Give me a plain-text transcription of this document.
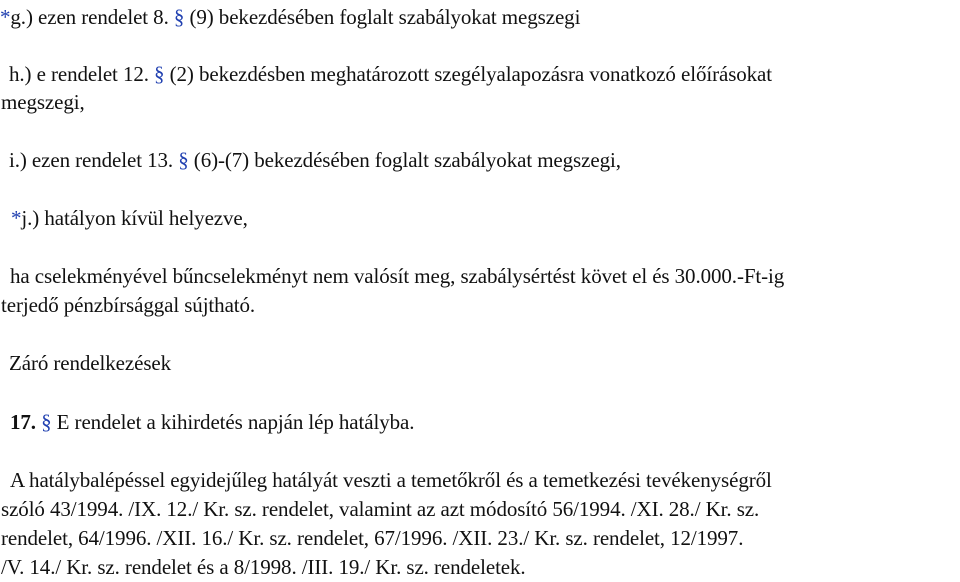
*g.) ezen rendelet 8. § (9) bekezdésében foglalt szabályokat megszegi
h.) e rendelet 12. § (2) bekezdésben meghatározott szegélyalapozásra vonatkozó előírásokat
megszegi,
i.) ezen rendelet 13. § (6)-(7) bekezdésében foglalt szabályokat megszegi,
*j.) hatályon kívül helyezve,
ha cselekményével bűncselekményt nem valósít meg, szabálysértést követ el és 30.000.-Ft-ig
terjedő pénzbírsággal sújtható.
Záró rendelkezések
17. § E rendelet a kihirdetés napján lép hatályba.
A hatálybalépéssel egyidejűleg hatályát veszti a temetőkről és a temetkezési tevékenységről
szóló 43/1994. /IX. 12./ Kr. sz. rendelet, valamint az azt módosító 56/1994. /XI. 28./ Kr. sz.
rendelet, 64/1996. /XII. 16./ Kr. sz. rendelet, 67/1996. /XII. 23./ Kr. sz. rendelet, 12/1997.
/V. 14./ Kr. sz. rendelet és a 8/1998. /III. 19./ Kr. sz. rendeletek.
